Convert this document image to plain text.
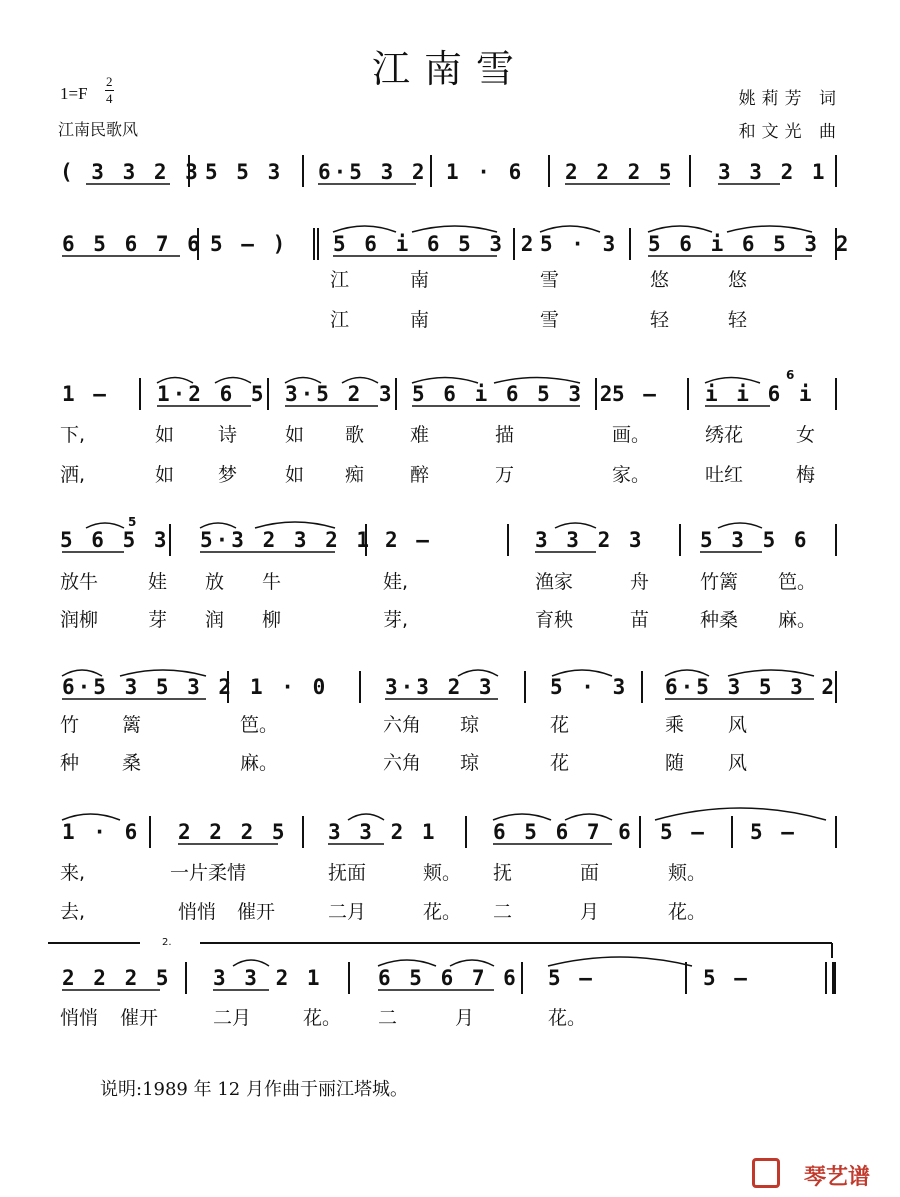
江南雪
$1=F \frac{2}{4}$
江南民歌风
姚莉芳 词
和文光 曲
( 3 3 2 3 5 5 3 6·5 3 2 1 · 6 2 2 2 5 3 3 2 1
6 5 6 7 6 5 – ) 5 6 i 6 5 3 2 5 · 3 5 6 i 6 5 3 2
江	南	雪	悠	悠
江	南	雪	轻	轻
1 – 1·2 6 5 3·5 2 3 5 6 i 6 5 3 2
5 – i i 6 i
6
下,	如 诗	如 歌 难	描	画。	绣花	女
洒,	如 梦	如 痴 醉	万	家。	吐红	梅
5 6 5 3
5
5·3 2 3 2 1 2 –	3 3 2 3	5 3 5 6
放牛	娃 放 牛	娃,	渔家	舟	竹篱 笆。
润柳	芽 润 柳	芽,	育秧	苗	种桑 麻。
6·5 3 5 3 2 1 · 0	3·3 2 3	5 · 3 6·5 3 5 3 2
竹 篱	笆。	六角 琼	花	乘 风
种 桑	麻。	六角 琼	花	随 风
1 · 6 2 2 2 5 3 3 2 1	6 5 6 7 6 5 – 5 –
来,	一片柔情	抚面	颊。 抚	面	颊。
去,	悄悄 催开	二月	花。 二	月	花。
2.
2 2 2 5 3 3 2 1	6 5 6 7 6 5 –	5 –
悄悄 催开	二月	花。 二	月	花。
说明:1989 年 12 月作曲于丽江塔城。
琴艺谱
